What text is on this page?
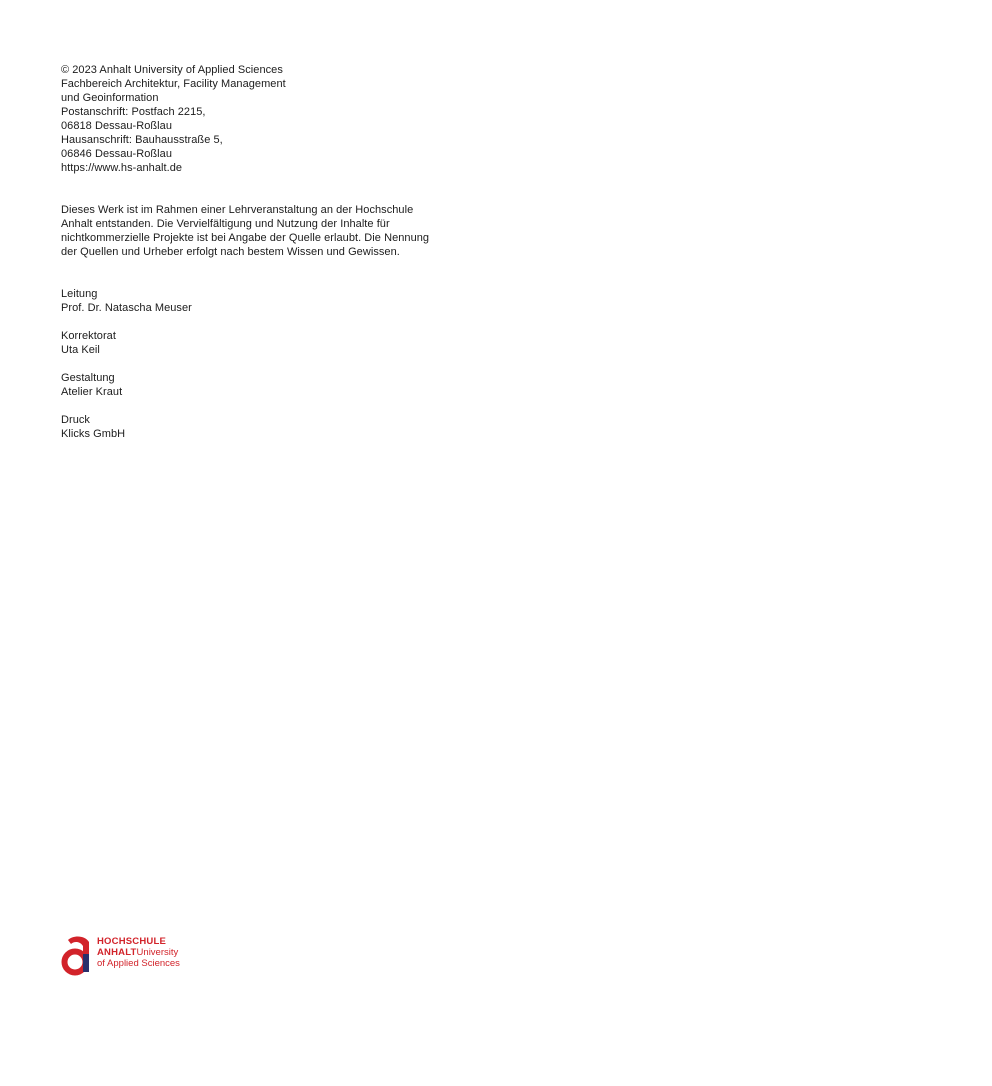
© 2023 Anhalt University of Applied Sciences
Fachbereich Architektur, Facility Management
und Geoinformation
Postanschrift: Postfach 2215,
06818 Dessau-Roßlau
Hausanschrift: Bauhausstraße 5,
06846 Dessau-Roßlau
https://www.hs-anhalt.de
Dieses Werk ist im Rahmen einer Lehrveranstaltung an der Hochschule
Anhalt entstanden. Die Vervielfältigung und Nutzung der Inhalte für
nichtkommerzielle Projekte ist bei Angabe der Quelle erlaubt. Die Nennung
der Quellen und Urheber erfolgt nach bestem Wissen und Gewissen.
Leitung
Prof. Dr. Natascha Meuser
Korrektorat
Uta Keil
Gestaltung
Atelier Kraut
Druck
Klicks GmbH
HOCHSCHULE
ANHALTUniversity
of Applied Sciences
